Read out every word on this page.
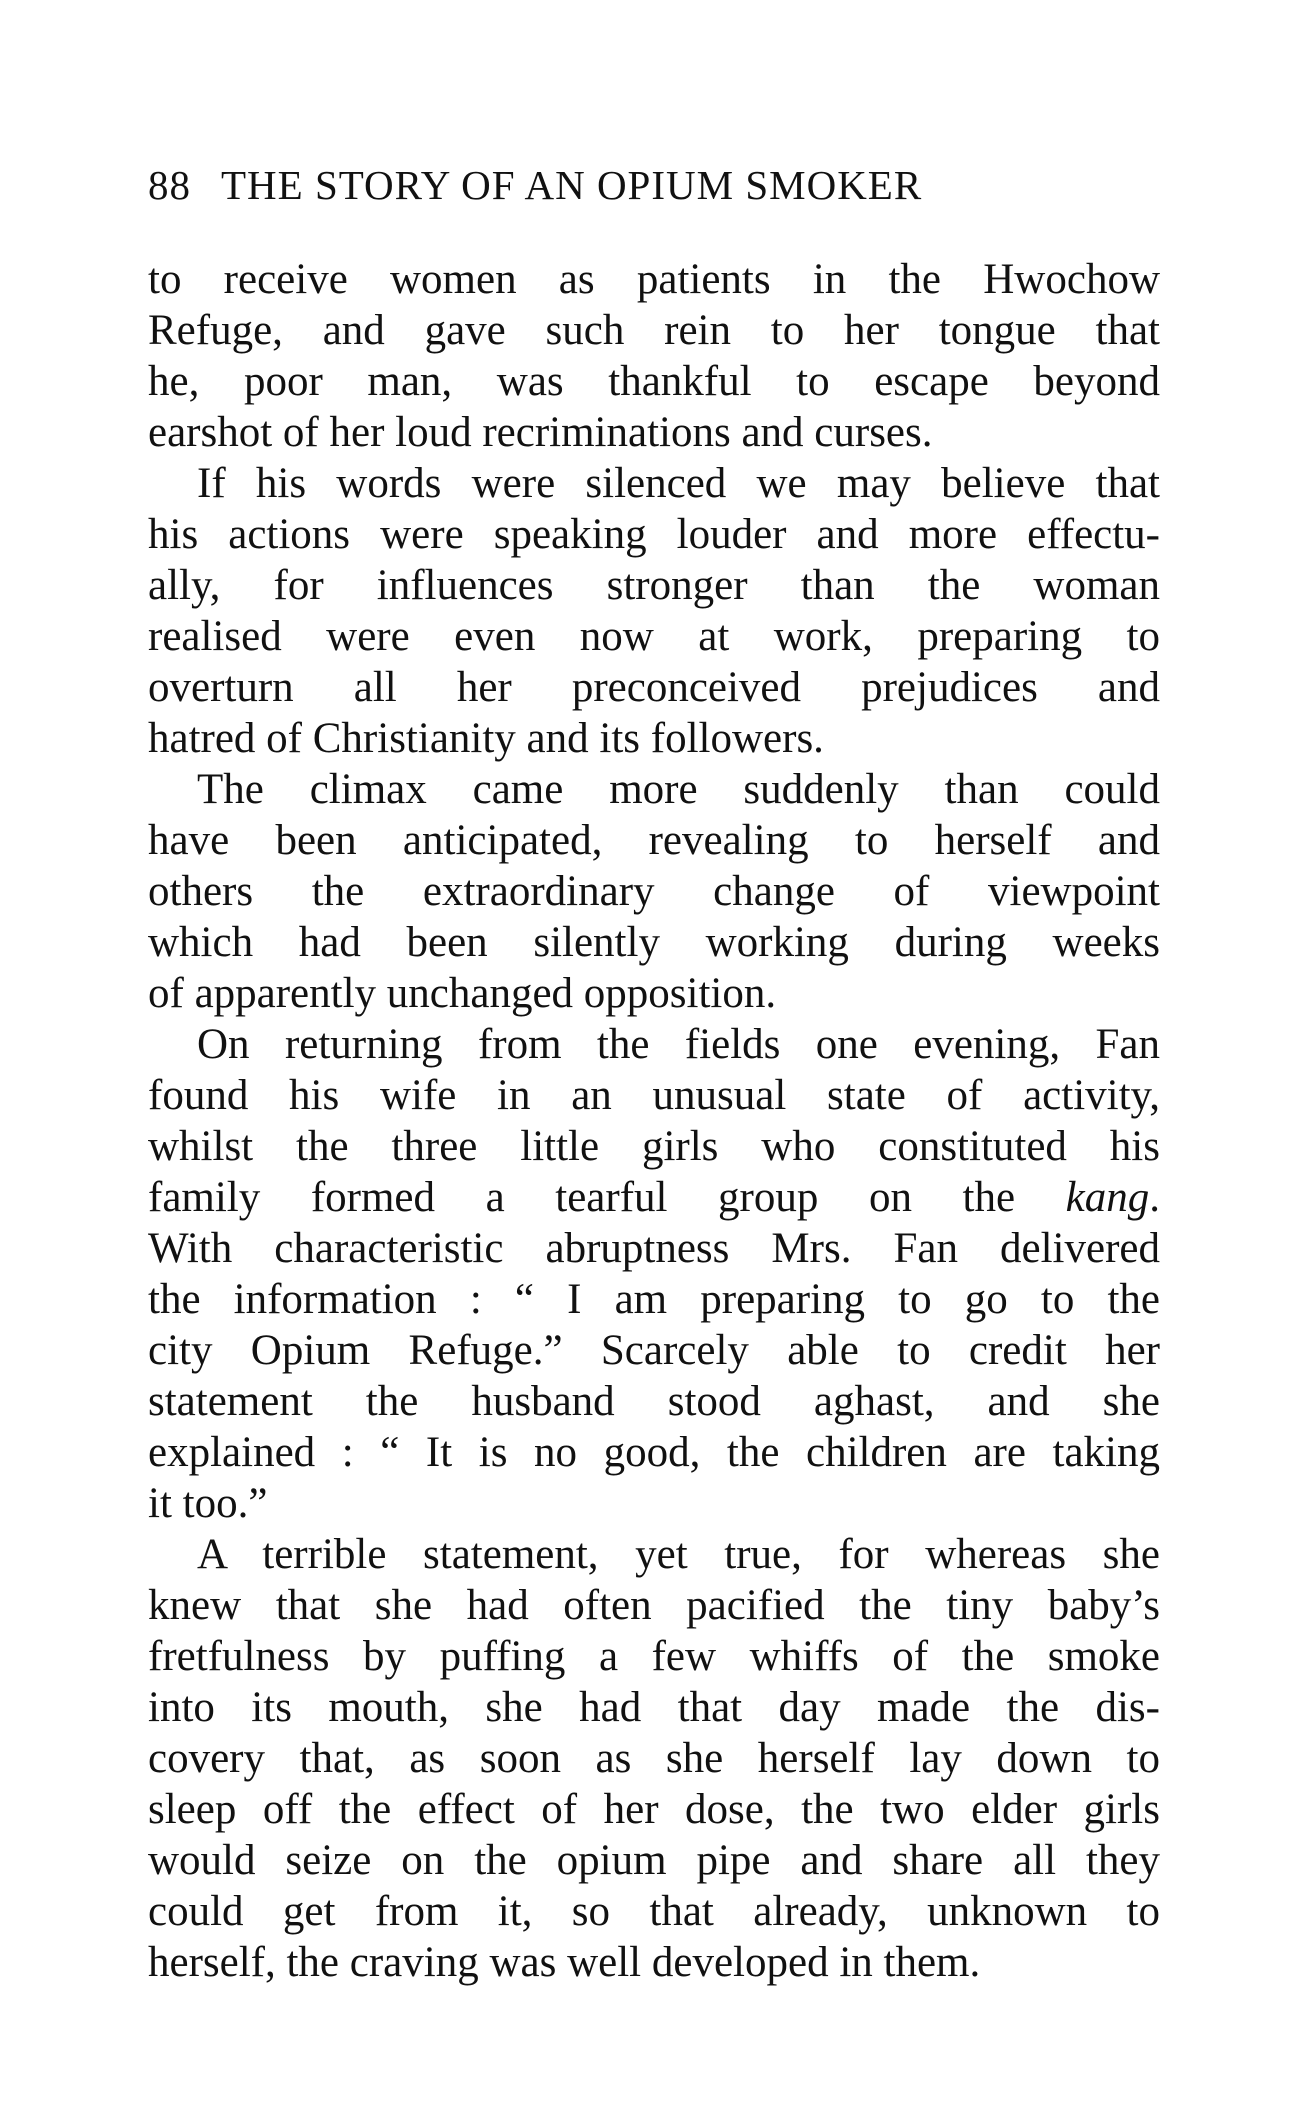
88 THE STORY OF AN OPIUM SMOKER
to receive women as patients in the Hwochow
Refuge, and gave such rein to her tongue that
he, poor man, was thankful to escape beyond
earshot of her loud recriminations and curses.
If his words were silenced we may believe that
his actions were speaking louder and more effectu-
ally, for influences stronger than the woman
realised were even now at work, preparing to
overturn all her preconceived prejudices and
hatred of Christianity and its followers.
The climax came more suddenly than could
have been anticipated, revealing to herself and
others the extraordinary change of viewpoint
which had been silently working during weeks
of apparently unchanged opposition.
On returning from the fields one evening, Fan
found his wife in an unusual state of activity,
whilst the three little girls who constituted his
family formed a tearful group on the kang.
With characteristic abruptness Mrs. Fan delivered
the information : “ I am preparing to go to the
city Opium Refuge.” Scarcely able to credit her
statement the husband stood aghast, and she
explained : “ It is no good, the children are taking
it too.”
A terrible statement, yet true, for whereas she
knew that she had often pacified the tiny baby’s
fretfulness by puffing a few whiffs of the smoke
into its mouth, she had that day made the dis-
covery that, as soon as she herself lay down to
sleep off the effect of her dose, the two elder girls
would seize on the opium pipe and share all they
could get from it, so that already, unknown to
herself, the craving was well developed in them.
